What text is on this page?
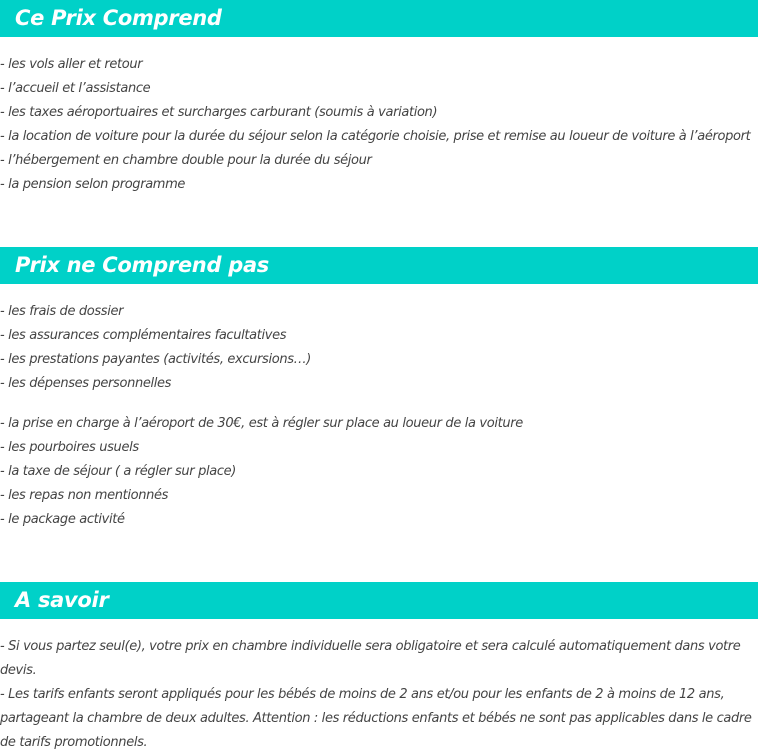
Ce Prix Comprend
- les vols aller et retour
- l’accueil et l’assistance
- les taxes aéroportuaires et surcharges carburant (soumis à variation)
- la location de voiture pour la durée du séjour selon la catégorie choisie, prise et remise au loueur de voiture à l’aéroport
- l’hébergement en chambre double pour la durée du séjour
- la pension selon programme
Prix ne Comprend pas
- les frais de dossier
- les assurances complémentaires facultatives
- les prestations payantes (activités, excursions…)
- les dépenses personnelles
- la prise en charge à l’aéroport de 30€, est à régler sur place au loueur de la voiture
- les pourboires usuels
- la taxe de séjour ( a régler sur place)
- les repas non mentionnés
- le package activité
A savoir

- Si vous partez seul(e), votre prix en chambre individuelle sera obligatoire et sera calculé automatiquement dans votre devis.

- Les tarifs enfants seront appliqués pour les bébés de moins de 2 ans et/ou pour les enfants de 2 à moins de 12 ans, partageant la chambre de deux adultes. Attention : les réductions enfants et bébés ne sont pas applicables dans le cadre de tarifs promotionnels.
